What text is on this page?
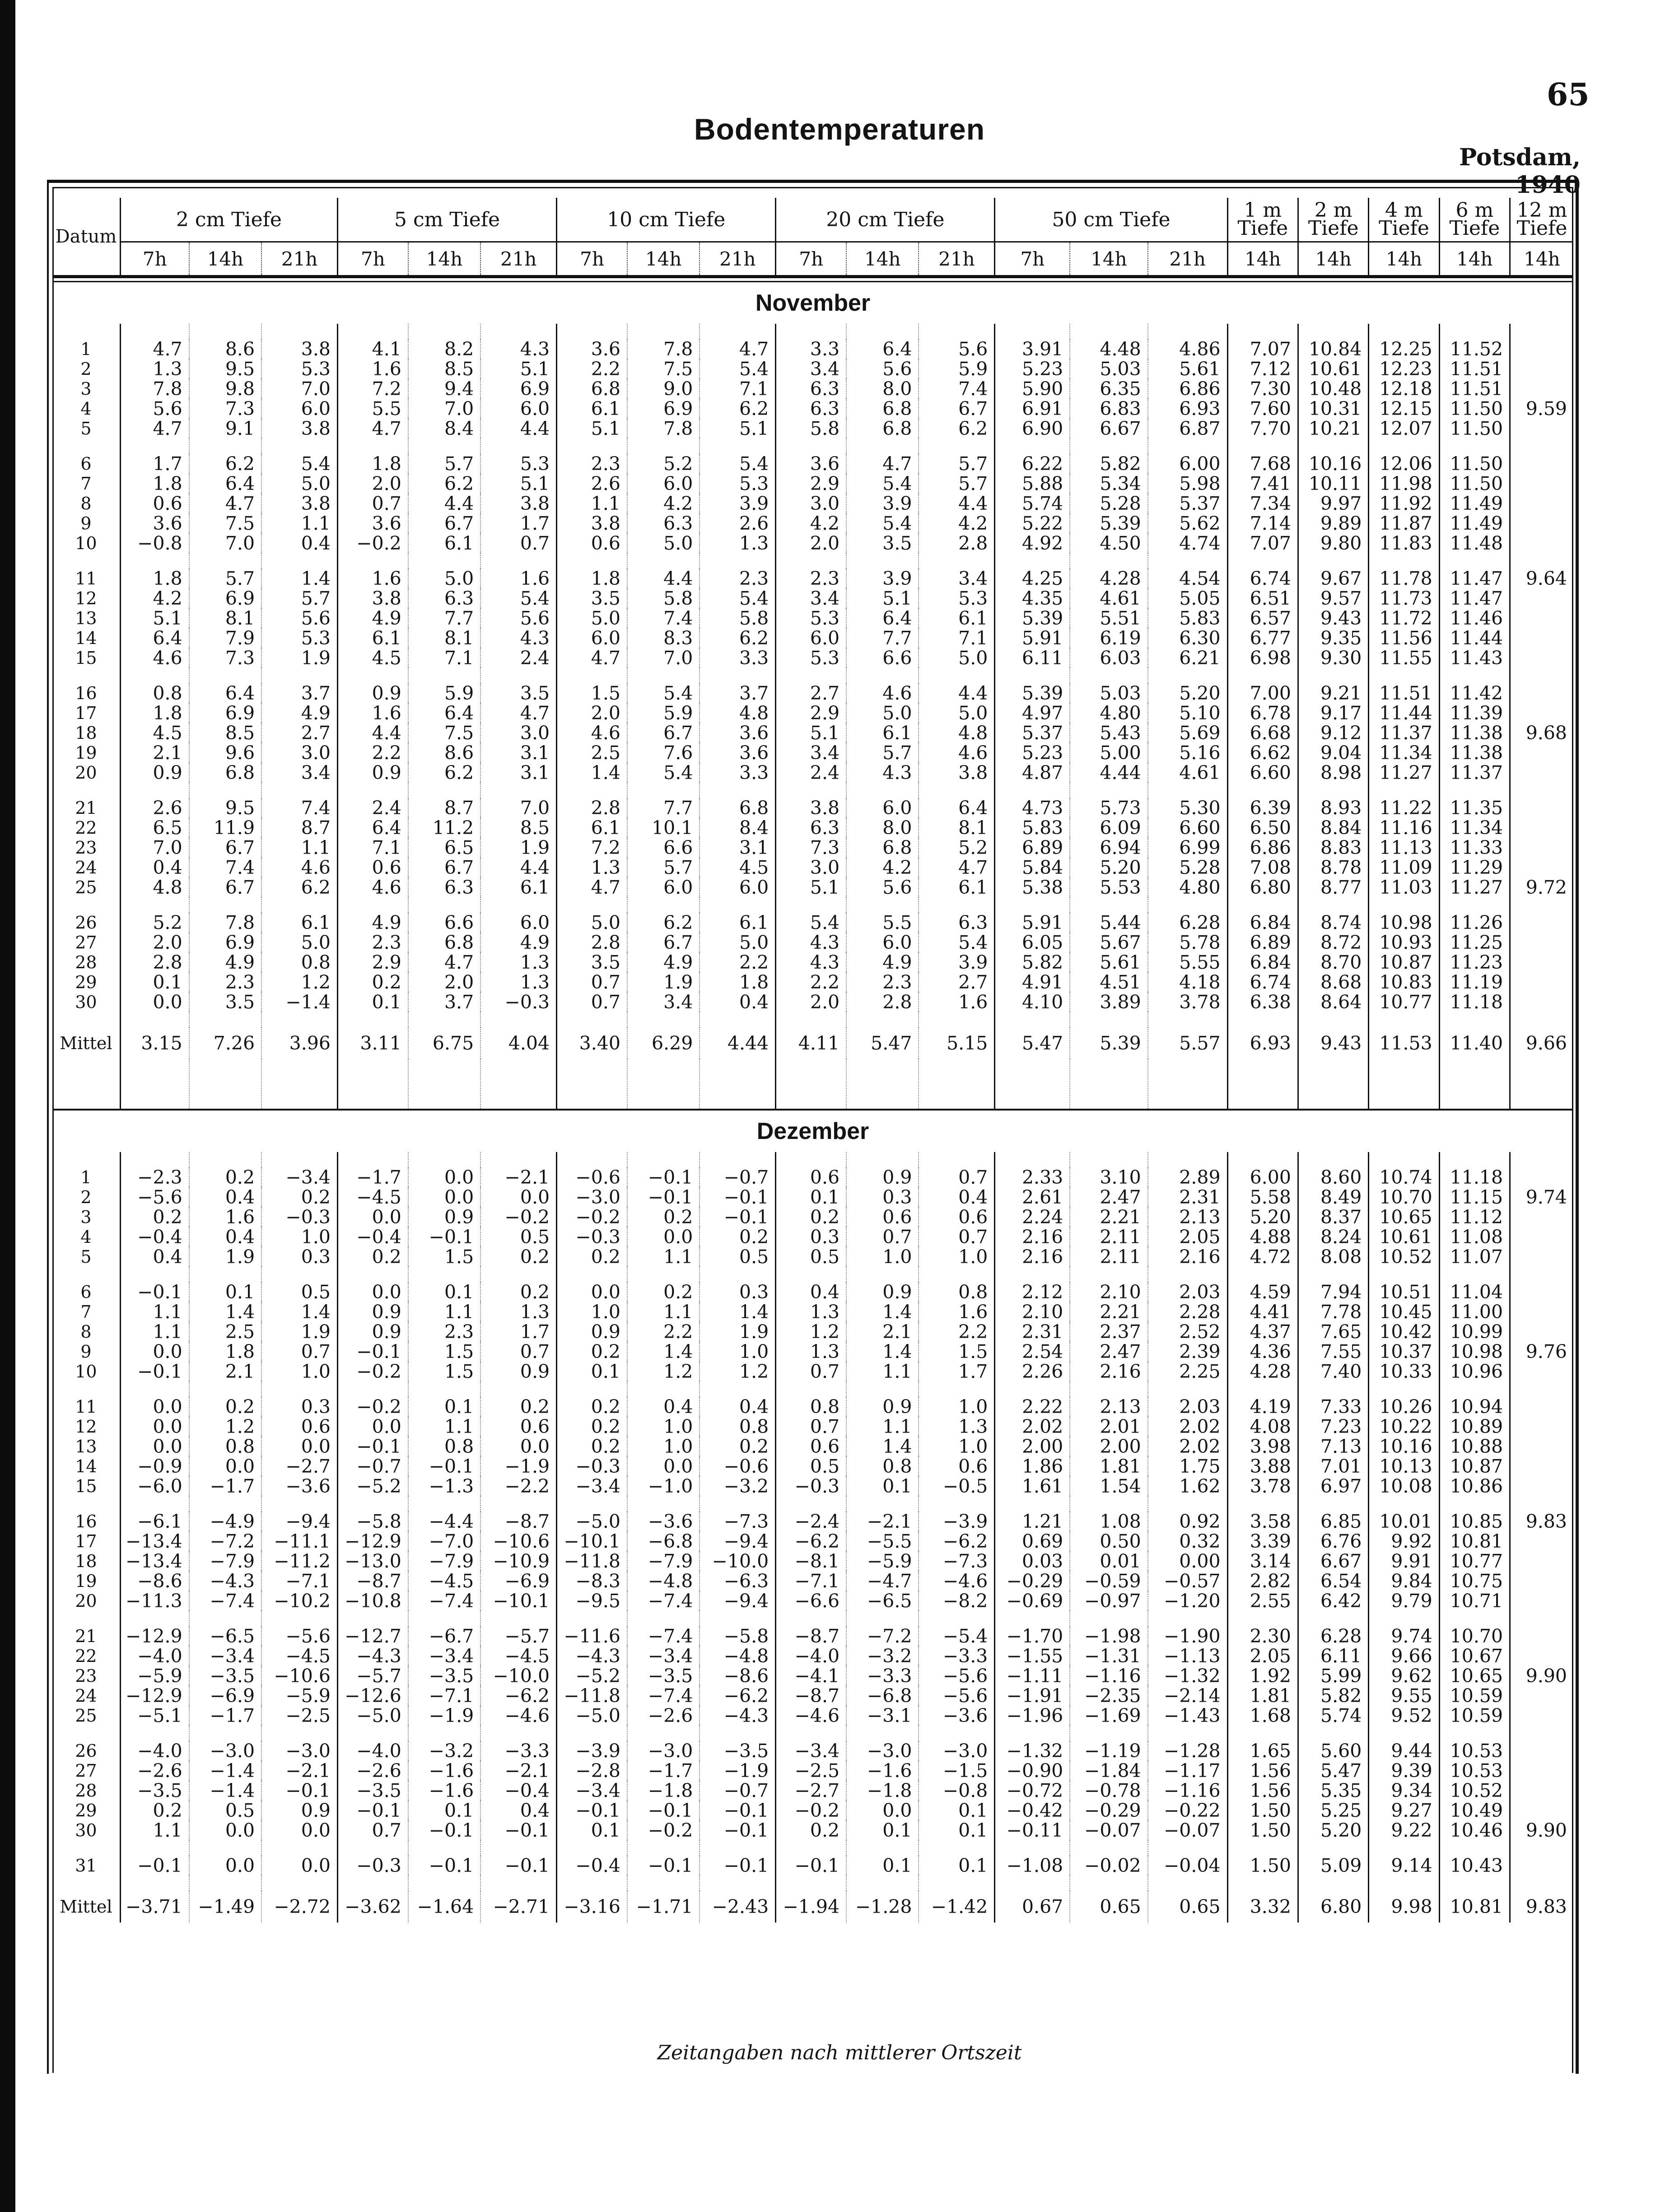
65
Bodentemperaturen
Potsdam, 1940
Datum	2 cm Tiefe			5 cm Tiefe			10 cm Tiefe			20 cm Tiefe			50 cm Tiefe			1 m Tiefe	2 m Tiefe	4 m Tiefe	6 m Tiefe	12 m Tiefe
	7h	14h	21h	7h	14h	21h	7h	14h	21h	7h	14h	21h	7h	14h	21h	14h	14h	14h	14h	14h

November																				

1	4.7	8.6	3.8	4.1	8.2	4.3	3.6	7.8	4.7	3.3	6.4	5.6	3.91	4.48	4.86	7.07	10.84	12.25	11.52	
2	1.3	9.5	5.3	1.6	8.5	5.1	2.2	7.5	5.4	3.4	5.6	5.9	5.23	5.03	5.61	7.12	10.61	12.23	11.51	
3	7.8	9.8	7.0	7.2	9.4	6.9	6.8	9.0	7.1	6.3	8.0	7.4	5.90	6.35	6.86	7.30	10.48	12.18	11.51	
4	5.6	7.3	6.0	5.5	7.0	6.0	6.1	6.9	6.2	6.3	6.8	6.7	6.91	6.83	6.93	7.60	10.31	12.15	11.50	9.59
5	4.7	9.1	3.8	4.7	8.4	4.4	5.1	7.8	5.1	5.8	6.8	6.2	6.90	6.67	6.87	7.70	10.21	12.07	11.50	

6	1.7	6.2	5.4	1.8	5.7	5.3	2.3	5.2	5.4	3.6	4.7	5.7	6.22	5.82	6.00	7.68	10.16	12.06	11.50	
7	1.8	6.4	5.0	2.0	6.2	5.1	2.6	6.0	5.3	2.9	5.4	5.7	5.88	5.34	5.98	7.41	10.11	11.98	11.50	
8	0.6	4.7	3.8	0.7	4.4	3.8	1.1	4.2	3.9	3.0	3.9	4.4	5.74	5.28	5.37	7.34	9.97	11.92	11.49	
9	3.6	7.5	1.1	3.6	6.7	1.7	3.8	6.3	2.6	4.2	5.4	4.2	5.22	5.39	5.62	7.14	9.89	11.87	11.49	
10	−0.8	7.0	0.4	−0.2	6.1	0.7	0.6	5.0	1.3	2.0	3.5	2.8	4.92	4.50	4.74	7.07	9.80	11.83	11.48	

11	1.8	5.7	1.4	1.6	5.0	1.6	1.8	4.4	2.3	2.3	3.9	3.4	4.25	4.28	4.54	6.74	9.67	11.78	11.47	9.64
12	4.2	6.9	5.7	3.8	6.3	5.4	3.5	5.8	5.4	3.4	5.1	5.3	4.35	4.61	5.05	6.51	9.57	11.73	11.47	
13	5.1	8.1	5.6	4.9	7.7	5.6	5.0	7.4	5.8	5.3	6.4	6.1	5.39	5.51	5.83	6.57	9.43	11.72	11.46	
14	6.4	7.9	5.3	6.1	8.1	4.3	6.0	8.3	6.2	6.0	7.7	7.1	5.91	6.19	6.30	6.77	9.35	11.56	11.44	
15	4.6	7.3	1.9	4.5	7.1	2.4	4.7	7.0	3.3	5.3	6.6	5.0	6.11	6.03	6.21	6.98	9.30	11.55	11.43	

16	0.8	6.4	3.7	0.9	5.9	3.5	1.5	5.4	3.7	2.7	4.6	4.4	5.39	5.03	5.20	7.00	9.21	11.51	11.42	
17	1.8	6.9	4.9	1.6	6.4	4.7	2.0	5.9	4.8	2.9	5.0	5.0	4.97	4.80	5.10	6.78	9.17	11.44	11.39	
18	4.5	8.5	2.7	4.4	7.5	3.0	4.6	6.7	3.6	5.1	6.1	4.8	5.37	5.43	5.69	6.68	9.12	11.37	11.38	9.68
19	2.1	9.6	3.0	2.2	8.6	3.1	2.5	7.6	3.6	3.4	5.7	4.6	5.23	5.00	5.16	6.62	9.04	11.34	11.38	
20	0.9	6.8	3.4	0.9	6.2	3.1	1.4	5.4	3.3	2.4	4.3	3.8	4.87	4.44	4.61	6.60	8.98	11.27	11.37	

21	2.6	9.5	7.4	2.4	8.7	7.0	2.8	7.7	6.8	3.8	6.0	6.4	4.73	5.73	5.30	6.39	8.93	11.22	11.35	
22	6.5	11.9	8.7	6.4	11.2	8.5	6.1	10.1	8.4	6.3	8.0	8.1	5.83	6.09	6.60	6.50	8.84	11.16	11.34	
23	7.0	6.7	1.1	7.1	6.5	1.9	7.2	6.6	3.1	7.3	6.8	5.2	6.89	6.94	6.99	6.86	8.83	11.13	11.33	
24	0.4	7.4	4.6	0.6	6.7	4.4	1.3	5.7	4.5	3.0	4.2	4.7	5.84	5.20	5.28	7.08	8.78	11.09	11.29	
25	4.8	6.7	6.2	4.6	6.3	6.1	4.7	6.0	6.0	5.1	5.6	6.1	5.38	5.53	4.80	6.80	8.77	11.03	11.27	9.72

26	5.2	7.8	6.1	4.9	6.6	6.0	5.0	6.2	6.1	5.4	5.5	6.3	5.91	5.44	6.28	6.84	8.74	10.98	11.26	
27	2.0	6.9	5.0	2.3	6.8	4.9	2.8	6.7	5.0	4.3	6.0	5.4	6.05	5.67	5.78	6.89	8.72	10.93	11.25	
28	2.8	4.9	0.8	2.9	4.7	1.3	3.5	4.9	2.2	4.3	4.9	3.9	5.82	5.61	5.55	6.84	8.70	10.87	11.23	
29	0.1	2.3	1.2	0.2	2.0	1.3	0.7	1.9	1.8	2.2	2.3	2.7	4.91	4.51	4.18	6.74	8.68	10.83	11.19	
30	0.0	3.5	−1.4	0.1	3.7	−0.3	0.7	3.4	0.4	2.0	2.8	1.6	4.10	3.89	3.78	6.38	8.64	10.77	11.18	

Mittel	3.15	7.26	3.96	3.11	6.75	4.04	3.40	6.29	4.44	4.11	5.47	5.15	5.47	5.39	5.57	6.93	9.43	11.53	11.40	9.66

Dezember																				

1	−2.3	0.2	−3.4	−1.7	0.0	−2.1	−0.6	−0.1	−0.7	0.6	0.9	0.7	2.33	3.10	2.89	6.00	8.60	10.74	11.18	
2	−5.6	0.4	0.2	−4.5	0.0	0.0	−3.0	−0.1	−0.1	0.1	0.3	0.4	2.61	2.47	2.31	5.58	8.49	10.70	11.15	9.74
3	0.2	1.6	−0.3	0.0	0.9	−0.2	−0.2	0.2	−0.1	0.2	0.6	0.6	2.24	2.21	2.13	5.20	8.37	10.65	11.12	
4	−0.4	0.4	1.0	−0.4	−0.1	0.5	−0.3	0.0	0.2	0.3	0.7	0.7	2.16	2.11	2.05	4.88	8.24	10.61	11.08	
5	0.4	1.9	0.3	0.2	1.5	0.2	0.2	1.1	0.5	0.5	1.0	1.0	2.16	2.11	2.16	4.72	8.08	10.52	11.07	

6	−0.1	0.1	0.5	0.0	0.1	0.2	0.0	0.2	0.3	0.4	0.9	0.8	2.12	2.10	2.03	4.59	7.94	10.51	11.04	
7	1.1	1.4	1.4	0.9	1.1	1.3	1.0	1.1	1.4	1.3	1.4	1.6	2.10	2.21	2.28	4.41	7.78	10.45	11.00	
8	1.1	2.5	1.9	0.9	2.3	1.7	0.9	2.2	1.9	1.2	2.1	2.2	2.31	2.37	2.52	4.37	7.65	10.42	10.99	
9	0.0	1.8	0.7	−0.1	1.5	0.7	0.2	1.4	1.0	1.3	1.4	1.5	2.54	2.47	2.39	4.36	7.55	10.37	10.98	9.76
10	−0.1	2.1	1.0	−0.2	1.5	0.9	0.1	1.2	1.2	0.7	1.1	1.7	2.26	2.16	2.25	4.28	7.40	10.33	10.96	

11	0.0	0.2	0.3	−0.2	0.1	0.2	0.2	0.4	0.4	0.8	0.9	1.0	2.22	2.13	2.03	4.19	7.33	10.26	10.94	
12	0.0	1.2	0.6	0.0	1.1	0.6	0.2	1.0	0.8	0.7	1.1	1.3	2.02	2.01	2.02	4.08	7.23	10.22	10.89	
13	0.0	0.8	0.0	−0.1	0.8	0.0	0.2	1.0	0.2	0.6	1.4	1.0	2.00	2.00	2.02	3.98	7.13	10.16	10.88	
14	−0.9	0.0	−2.7	−0.7	−0.1	−1.9	−0.3	0.0	−0.6	0.5	0.8	0.6	1.86	1.81	1.75	3.88	7.01	10.13	10.87	
15	−6.0	−1.7	−3.6	−5.2	−1.3	−2.2	−3.4	−1.0	−3.2	−0.3	0.1	−0.5	1.61	1.54	1.62	3.78	6.97	10.08	10.86	

16	−6.1	−4.9	−9.4	−5.8	−4.4	−8.7	−5.0	−3.6	−7.3	−2.4	−2.1	−3.9	1.21	1.08	0.92	3.58	6.85	10.01	10.85	9.83
17	−13.4	−7.2	−11.1	−12.9	−7.0	−10.6	−10.1	−6.8	−9.4	−6.2	−5.5	−6.2	0.69	0.50	0.32	3.39	6.76	9.92	10.81	
18	−13.4	−7.9	−11.2	−13.0	−7.9	−10.9	−11.8	−7.9	−10.0	−8.1	−5.9	−7.3	0.03	0.01	0.00	3.14	6.67	9.91	10.77	
19	−8.6	−4.3	−7.1	−8.7	−4.5	−6.9	−8.3	−4.8	−6.3	−7.1	−4.7	−4.6	−0.29	−0.59	−0.57	2.82	6.54	9.84	10.75	
20	−11.3	−7.4	−10.2	−10.8	−7.4	−10.1	−9.5	−7.4	−9.4	−6.6	−6.5	−8.2	−0.69	−0.97	−1.20	2.55	6.42	9.79	10.71	

21	−12.9	−6.5	−5.6	−12.7	−6.7	−5.7	−11.6	−7.4	−5.8	−8.7	−7.2	−5.4	−1.70	−1.98	−1.90	2.30	6.28	9.74	10.70	
22	−4.0	−3.4	−4.5	−4.3	−3.4	−4.5	−4.3	−3.4	−4.8	−4.0	−3.2	−3.3	−1.55	−1.31	−1.13	2.05	6.11	9.66	10.67	
23	−5.9	−3.5	−10.6	−5.7	−3.5	−10.0	−5.2	−3.5	−8.6	−4.1	−3.3	−5.6	−1.11	−1.16	−1.32	1.92	5.99	9.62	10.65	9.90
24	−12.9	−6.9	−5.9	−12.6	−7.1	−6.2	−11.8	−7.4	−6.2	−8.7	−6.8	−5.6	−1.91	−2.35	−2.14	1.81	5.82	9.55	10.59	
25	−5.1	−1.7	−2.5	−5.0	−1.9	−4.6	−5.0	−2.6	−4.3	−4.6	−3.1	−3.6	−1.96	−1.69	−1.43	1.68	5.74	9.52	10.59	

26	−4.0	−3.0	−3.0	−4.0	−3.2	−3.3	−3.9	−3.0	−3.5	−3.4	−3.0	−3.0	−1.32	−1.19	−1.28	1.65	5.60	9.44	10.53	
27	−2.6	−1.4	−2.1	−2.6	−1.6	−2.1	−2.8	−1.7	−1.9	−2.5	−1.6	−1.5	−0.90	−1.84	−1.17	1.56	5.47	9.39	10.53	
28	−3.5	−1.4	−0.1	−3.5	−1.6	−0.4	−3.4	−1.8	−0.7	−2.7	−1.8	−0.8	−0.72	−0.78	−1.16	1.56	5.35	9.34	10.52	
29	0.2	0.5	0.9	−0.1	0.1	0.4	−0.1	−0.1	−0.1	−0.2	0.0	0.1	−0.42	−0.29	−0.22	1.50	5.25	9.27	10.49	
30	1.1	0.0	0.0	0.7	−0.1	−0.1	0.1	−0.2	−0.1	0.2	0.1	0.1	−0.11	−0.07	−0.07	1.50	5.20	9.22	10.46	9.90

31	−0.1	0.0	0.0	−0.3	−0.1	−0.1	−0.4	−0.1	−0.1	−0.1	0.1	0.1	−1.08	−0.02	−0.04	1.50	5.09	9.14	10.43	

Mittel	−3.71	−1.49	−2.72	−3.62	−1.64	−2.71	−3.16	−1.71	−2.43	−1.94	−1.28	−1.42	0.67	0.65	0.65	3.32	6.80	9.98	10.81	9.83
Zeitangaben nach mittlerer Ortszeit
